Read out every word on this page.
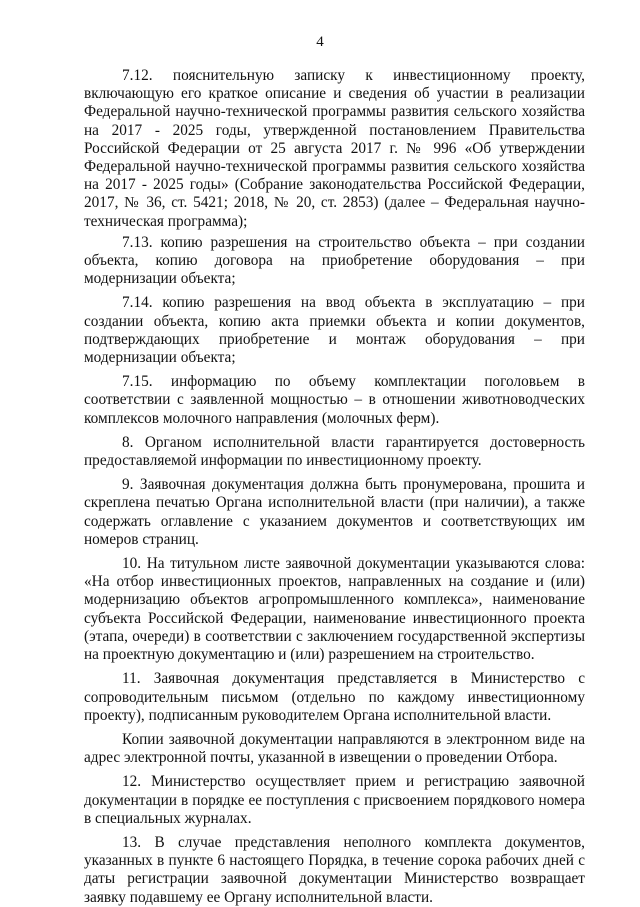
4

7.12. пояснительную записку к инвестиционному проекту, включающую его краткое описание и сведения об участии в реализации Федеральной научно-технической программы развития сельского хозяйства на 2017 - 2025 годы, утвержденной постановлением Правительства Российской Федерации от 25 августа 2017 г. № 996 «Об утверждении Федеральной научно-технической программы развития сельского хозяйства на 2017 - 2025 годы» (Собрание законодательства Российской Федерации, 2017, № 36, ст. 5421; 2018, № 20, ст. 2853) (далее – Федеральная научно-техническая программа);

7.13. копию разрешения на строительство объекта – при создании объекта, копию договора на приобретение оборудования – при модернизации объекта;

7.14. копию разрешения на ввод объекта в эксплуатацию – при создании объекта, копию акта приемки объекта и копии документов, подтверждающих приобретение и монтаж оборудования – при модернизации объекта;

7.15. информацию по объему комплектации поголовьем в соответствии с заявленной мощностью – в отношении животноводческих комплексов молочного направления (молочных ферм).

8. Органом исполнительной власти гарантируется достоверность предоставляемой информации по инвестиционному проекту.

9. Заявочная документация должна быть пронумерована, прошита и скреплена печатью Органа исполнительной власти (при наличии), а также содержать оглавление с указанием документов и соответствующих им номеров страниц.

10. На титульном листе заявочной документации указываются слова: «На отбор инвестиционных проектов, направленных на создание и (или) модернизацию объектов агропромышленного комплекса», наименование субъекта Российской Федерации, наименование инвестиционного проекта (этапа, очереди) в соответствии с заключением государственной экспертизы на проектную документацию и (или) разрешением на строительство.

11. Заявочная документация представляется в Министерство с сопроводительным письмом (отдельно по каждому инвестиционному проекту), подписанным руководителем Органа исполнительной власти.

Копии заявочной документации направляются в электронном виде на адрес электронной почты, указанной в извещении о проведении Отбора.

12. Министерство осуществляет прием и регистрацию заявочной документации в порядке ее поступления с присвоением порядкового номера в специальных журналах.

13. В случае представления неполного комплекта документов, указанных в пункте 6 настоящего Порядка, в течение сорока рабочих дней с даты регистрации заявочной документации Министерство возвращает заявку подавшему ее Органу исполнительной власти.
